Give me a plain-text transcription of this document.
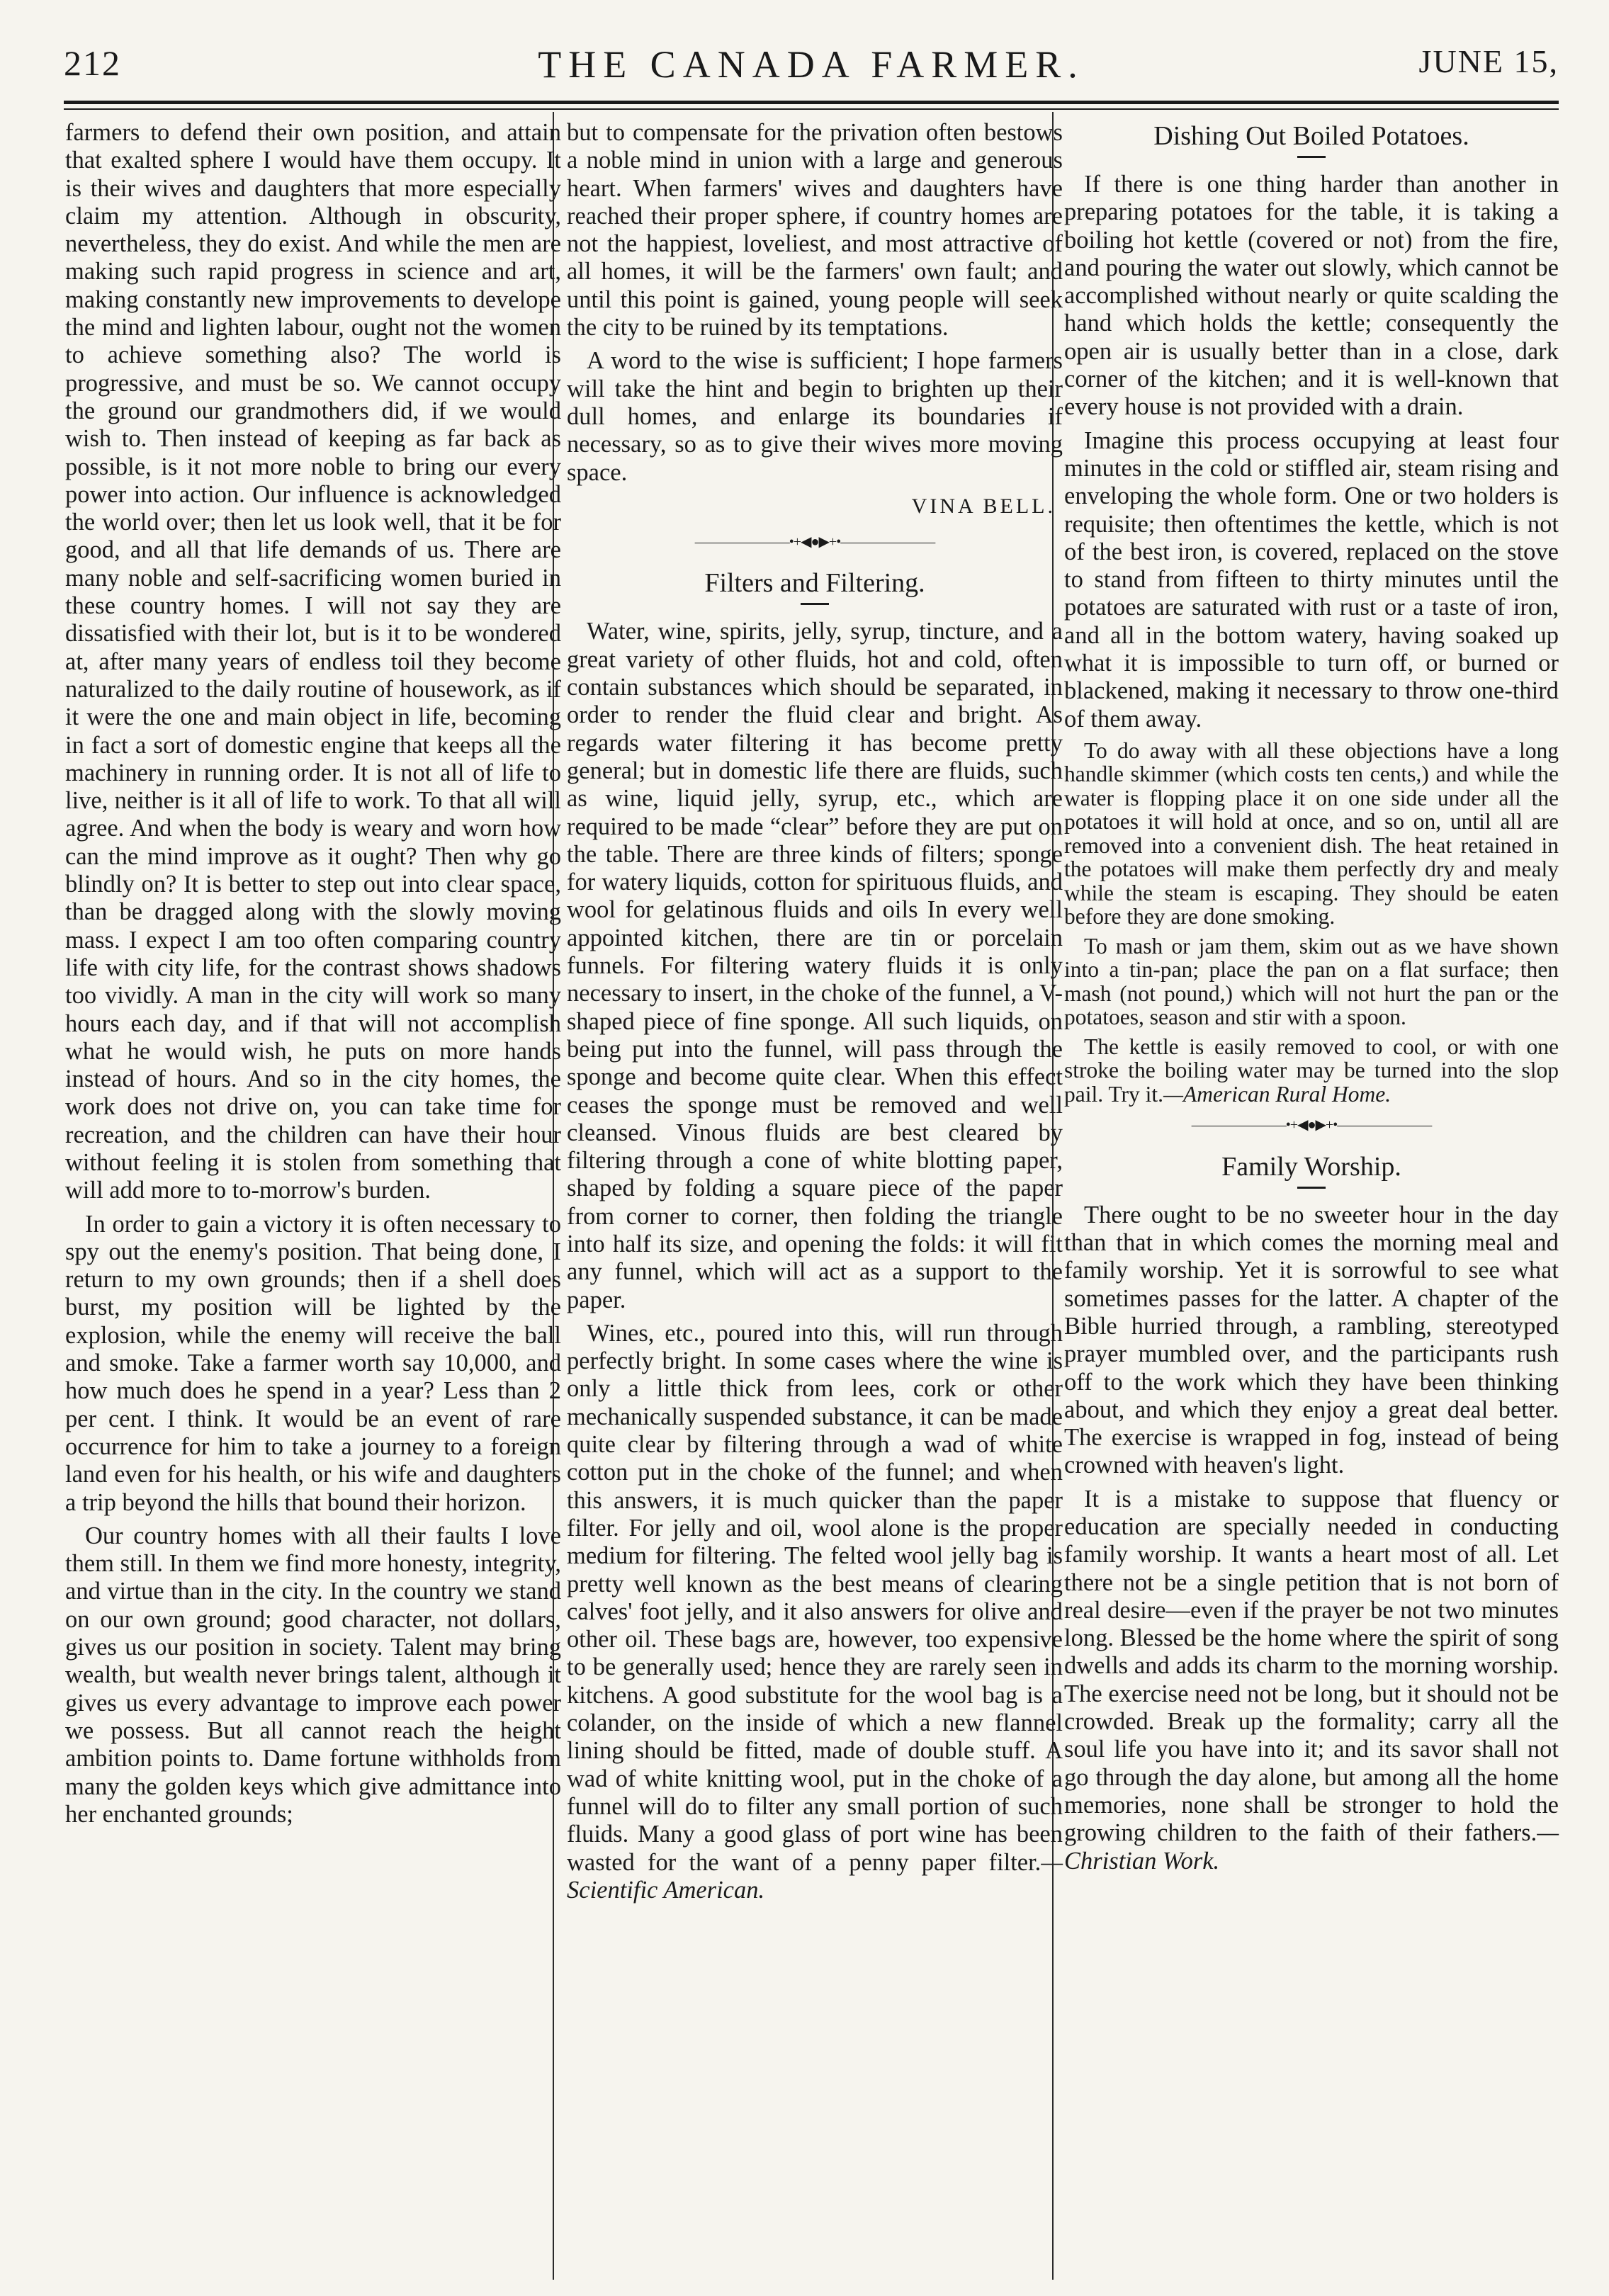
212	THE CANADA FARMER.	JUNE 15,

farmers to defend their own position, and attain that exalted sphere I would have them occupy. It is their wives and daughters that more especially claim my attention. Although in obscurity, nevertheless, they do exist. And while the men are making such rapid progress in science and art, making constantly new improvements to develope the mind and lighten labour, ought not the women to achieve something also? The world is progressive, and must be so. We cannot occupy the ground our grandmothers did, if we would wish to. Then instead of keeping as far back as possible, is it not more noble to bring our every power into action. Our influence is acknowledged the world over; then let us look well, that it be for good, and all that life demands of us. There are many noble and self-sacrificing women buried in these country homes. I will not say they are dissatisfied with their lot, but is it to be wondered at, after many years of endless toil they become naturalized to the daily routine of housework, as if it were the one and main object in life, becoming in fact a sort of domestic engine that keeps all the machinery in running order. It is not all of life to live, neither is it all of life to work. To that all will agree. And when the body is weary and worn how can the mind improve as it ought? Then why go blindly on? It is better to step out into clear space, than be dragged along with the slowly moving mass. I expect I am too often comparing country life with city life, for the contrast shows shadows too vividly. A man in the city will work so many hours each day, and if that will not accomplish what he would wish, he puts on more hands instead of hours. And so in the city homes, the work does not drive on, you can take time for recreation, and the children can have their hour without feeling it is stolen from something that will add more to to-morrow's burden.

In order to gain a victory it is often necessary to spy out the enemy's position. That being done, I return to my own grounds; then if a shell does burst, my position will be lighted by the explosion, while the enemy will receive the ball and smoke. Take a farmer worth say 10,000, and how much does he spend in a year? Less than 2 per cent. I think. It would be an event of rare occurrence for him to take a journey to a foreign land even for his health, or his wife and daughters a trip beyond the hills that bound their horizon.

Our country homes with all their faults I love them still. In them we find more honesty, integrity, and virtue than in the city. In the country we stand on our own ground; good character, not dollars, gives us our position in society. Talent may bring wealth, but wealth never brings talent, although it gives us every advantage to improve each power we possess. But all cannot reach the height ambition points to. Dame fortune withholds from many the golden keys which give admittance into her enchanted grounds;

but to compensate for the privation often bestows a noble mind in union with a large and generous heart. When farmers' wives and daughters have reached their proper sphere, if country homes are not the happiest, loveliest, and most attractive of all homes, it will be the farmers' own fault; and until this point is gained, young people will seek the city to be ruined by its temptations.

A word to the wise is sufficient; I hope farmers will take the hint and begin to brighten up their dull homes, and enlarge its boundaries if necessary, so as to give their wives more moving space.

VINA BELL.
———————•+◀●▶+•———————
Filters and Filtering.

Water, wine, spirits, jelly, syrup, tincture, and a great variety of other fluids, hot and cold, often contain substances which should be separated, in order to render the fluid clear and bright. As regards water filtering it has become pretty general; but in domestic life there are fluids, such as wine, liquid jelly, syrup, etc., which are required to be made “clear” before they are put on the table. There are three kinds of filters; sponge for watery liquids, cotton for spirituous fluids, and wool for gelatinous fluids and oils In every well appointed kitchen, there are tin or porcelain funnels. For filtering watery fluids it is only necessary to insert, in the choke of the funnel, a V-shaped piece of fine sponge. All such liquids, on being put into the funnel, will pass through the sponge and become quite clear. When this effect ceases the sponge must be removed and well cleansed. Vinous fluids are best cleared by filtering through a cone of white blotting paper, shaped by folding a square piece of the paper from corner to corner, then folding the triangle into half its size, and opening the folds: it will fit any funnel, which will act as a support to the paper.

Wines, etc., poured into this, will run through perfectly bright. In some cases where the wine is only a little thick from lees, cork or other mechanically suspended substance, it can be made quite clear by filtering through a wad of white cotton put in the choke of the funnel; and when this answers, it is much quicker than the paper filter. For jelly and oil, wool alone is the proper medium for filtering. The felted wool jelly bag is pretty well known as the best means of clearing calves' foot jelly, and it also answers for olive and other oil. These bags are, however, too expensive to be generally used; hence they are rarely seen in kitchens. A good substitute for the wool bag is a colander, on the inside of which a new flannel lining should be fitted, made of double stuff. A wad of white knitting wool, put in the choke of a funnel will do to filter any small portion of such fluids. Many a good glass of port wine has been wasted for the want of a penny paper filter.—Scientific American.

Dishing Out Boiled Potatoes.

If there is one thing harder than another in preparing potatoes for the table, it is taking a boiling hot kettle (covered or not) from the fire, and pouring the water out slowly, which cannot be accomplished without nearly or quite scalding the hand which holds the kettle; consequently the open air is usually better than in a close, dark corner of the kitchen; and it is well-known that every house is not provided with a drain.

Imagine this process occupying at least four minutes in the cold or stiffled air, steam rising and enveloping the whole form. One or two holders is requisite; then oftentimes the kettle, which is not of the best iron, is covered, replaced on the stove to stand from fifteen to thirty minutes until the potatoes are saturated with rust or a taste of iron, and all in the bottom watery, having soaked up what it is impossible to turn off, or burned or blackened, making it necessary to throw one-third of them away.

To do away with all these objections have a long handle skimmer (which costs ten cents,) and while the water is flopping place it on one side under all the potatoes it will hold at once, and so on, until all are removed into a convenient dish. The heat retained in the potatoes will make them perfectly dry and mealy while the steam is escaping. They should be eaten before they are done smoking.

To mash or jam them, skim out as we have shown into a tin-pan; place the pan on a flat surface; then mash (not pound,) which will not hurt the pan or the potatoes, season and stir with a spoon.

The kettle is easily removed to cool, or with one stroke the boiling water may be turned into the slop pail. Try it.—American Rural Home.

———————•+◀●▶+•———————
Family Worship.

There ought to be no sweeter hour in the day than that in which comes the morning meal and family worship. Yet it is sorrowful to see what sometimes passes for the latter. A chapter of the Bible hurried through, a rambling, stereotyped prayer mumbled over, and the participants rush off to the work which they have been thinking about, and which they enjoy a great deal better. The exercise is wrapped in fog, instead of being crowned with heaven's light.

It is a mistake to suppose that fluency or education are specially needed in conducting family worship. It wants a heart most of all. Let there not be a single petition that is not born of real desire—even if the prayer be not two minutes long. Blessed be the home where the spirit of song dwells and adds its charm to the morning worship. The exercise need not be long, but it should not be crowded. Break up the formality; carry all the soul life you have into it; and its savor shall not go through the day alone, but among all the home memories, none shall be stronger to hold the growing children to the faith of their fathers.—Christian Work.
